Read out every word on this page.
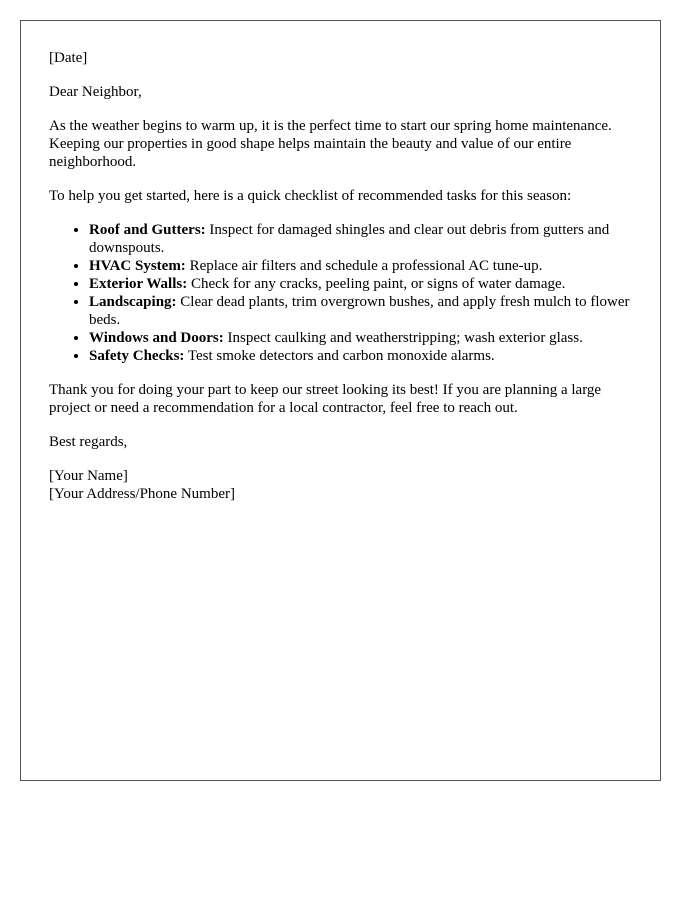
[Date]

Dear Neighbor,

As the weather begins to warm up, it is the perfect time to start our spring home maintenance. Keeping our properties in good shape helps maintain the beauty and value of our entire neighborhood.

To help you get started, here is a quick checklist of recommended tasks for this season:

• Roof and Gutters: Inspect for damaged shingles and clear out debris from gutters and downspouts.
• HVAC System: Replace air filters and schedule a professional AC tune-up.
• Exterior Walls: Check for any cracks, peeling paint, or signs of water damage.
• Landscaping: Clear dead plants, trim overgrown bushes, and apply fresh mulch to flower beds.
• Windows and Doors: Inspect caulking and weatherstripping; wash exterior glass.
• Safety Checks: Test smoke detectors and carbon monoxide alarms.

Thank you for doing your part to keep our street looking its best! If you are planning a large project or need a recommendation for a local contractor, feel free to reach out.

Best regards,

[Your Name]
[Your Address/Phone Number]
